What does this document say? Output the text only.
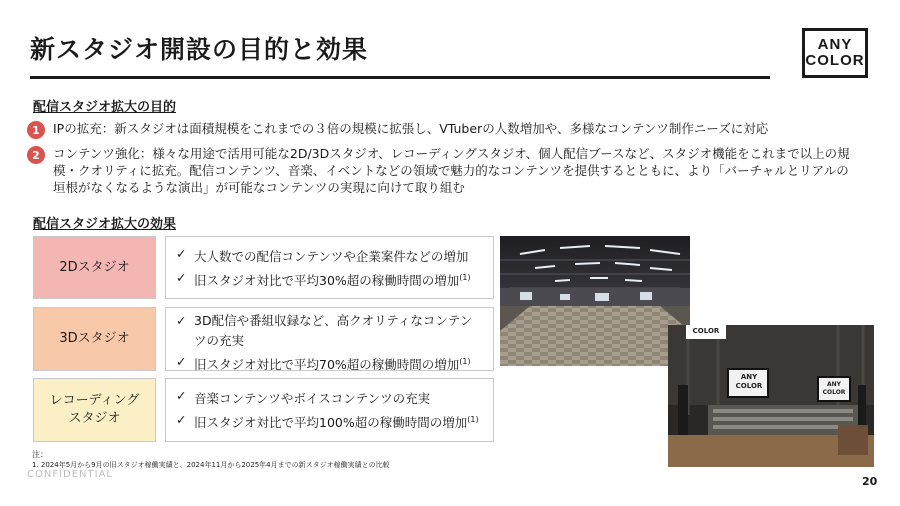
新スタジオ開設の目的と効果	ANY
COLOR
配信スタジオ拡大の目的
1	IPの拡充：新スタジオは面積規模をこれまでの３倍の規模に拡張し、VTuberの人数増加や、多様なコンテンツ制作ニーズに対応
2	コンテンツ強化：様々な用途で活用可能な2D/3Dスタジオ、レコーディングスタジオ、個人配信ブースなど、スタジオ機能をこれまで以上の規模・クオリティに拡充。配信コンテンツ、音楽、イベントなどの領域で魅力的なコンテンツを提供するとともに、より「バーチャルとリアルの垣根がなくなるような演出」が可能なコンテンツの実現に向けて取り組む
配信スタジオ拡大の効果
2Dスタジオ
✓ 大人数での配信コンテンツや企業案件などの増加
✓ 旧スタジオ対比で平均30%超の稼働時間の増加$^{(1)}$
3Dスタジオ
✓ 3D配信や番組収録など、高クオリティなコンテンツの充実
✓ 旧スタジオ対比で平均70%超の稼働時間の増加$^{(1)}$
レコーディングスタジオ
✓ 音楽コンテンツやボイスコンテンツの充実
✓ 旧スタジオ対比で平均100%超の稼働時間の増加$^{(1)}$
COLOR
ANY
COLOR	ANY
COLOR
注：
1. 2024年5月から9月の旧スタジオ稼働実績と、2024年11月から2025年4月までの新スタジオ稼働実績との比較
CONFIDENTIAL
20
